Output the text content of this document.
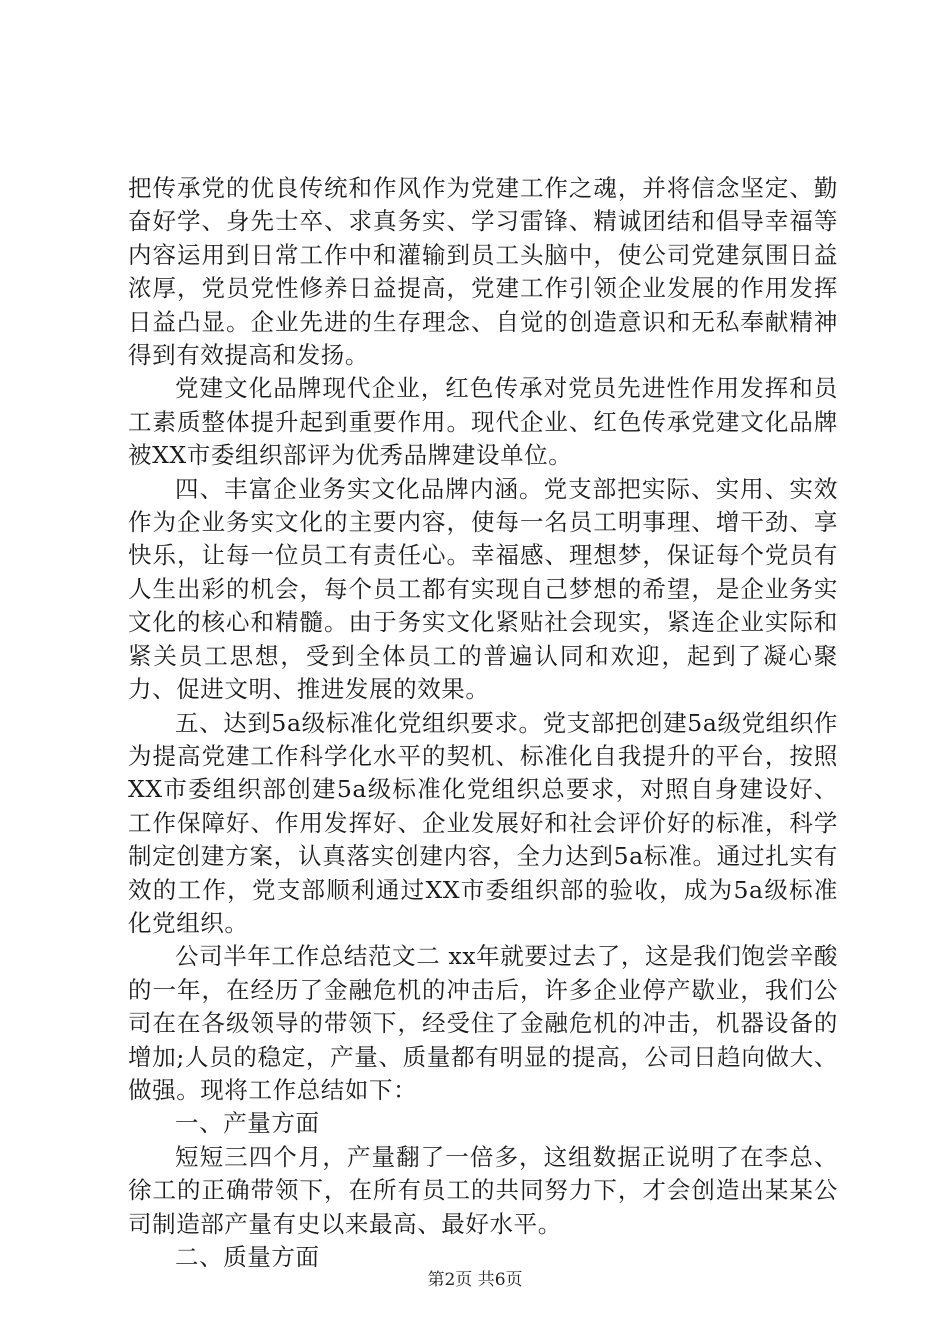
把传承党的优良传统和作风作为党建工作之魂，并将信念坚定、勤奋好学、身先士卒、求真务实、学习雷锋、精诚团结和倡导幸福等内容运用到日常工作中和灌输到员工头脑中，使公司党建氛围日益浓厚，党员党性修养日益提高，党建工作引领企业发展的作用发挥日益凸显。企业先进的生存理念、自觉的创造意识和无私奉献精神得到有效提高和发扬。

党建文化品牌现代企业，红色传承对党员先进性作用发挥和员工素质整体提升起到重要作用。现代企业、红色传承党建文化品牌被XX市委组织部评为优秀品牌建设单位。

四、丰富企业务实文化品牌内涵。党支部把实际、实用、实效作为企业务实文化的主要内容，使每一名员工明事理、增干劲、享快乐，让每一位员工有责任心。幸福感、理想梦，保证每个党员有人生出彩的机会，每个员工都有实现自己梦想的希望，是企业务实文化的核心和精髓。由于务实文化紧贴社会现实，紧连企业实际和紧关员工思想，受到全体员工的普遍认同和欢迎，起到了凝心聚力、促进文明、推进发展的效果。

五、达到5a级标准化党组织要求。党支部把创建5a级党组织作为提高党建工作科学化水平的契机、标准化自我提升的平台，按照XX市委组织部创建5a级标准化党组织总要求，对照自身建设好、工作保障好、作用发挥好、企业发展好和社会评价好的标准，科学制定创建方案，认真落实创建内容，全力达到5a标准。通过扎实有效的工作，党支部顺利通过XX市委组织部的验收，成为5a级标准化党组织。

公司半年工作总结范文二 xx年就要过去了，这是我们饱尝辛酸的一年，在经历了金融危机的冲击后，许多企业停产歇业，我们公司在在各级领导的带领下，经受住了金融危机的冲击，机器设备的增加;人员的稳定，产量、质量都有明显的提高，公司日趋向做大、做强。现将工作总结如下：

一、产量方面

短短三四个月，产量翻了一倍多，这组数据正说明了在李总、徐工的正确带领下，在所有员工的共同努力下，才会创造出某某公司制造部产量有史以来最高、最好水平。

二、质量方面

第2页 共6页
